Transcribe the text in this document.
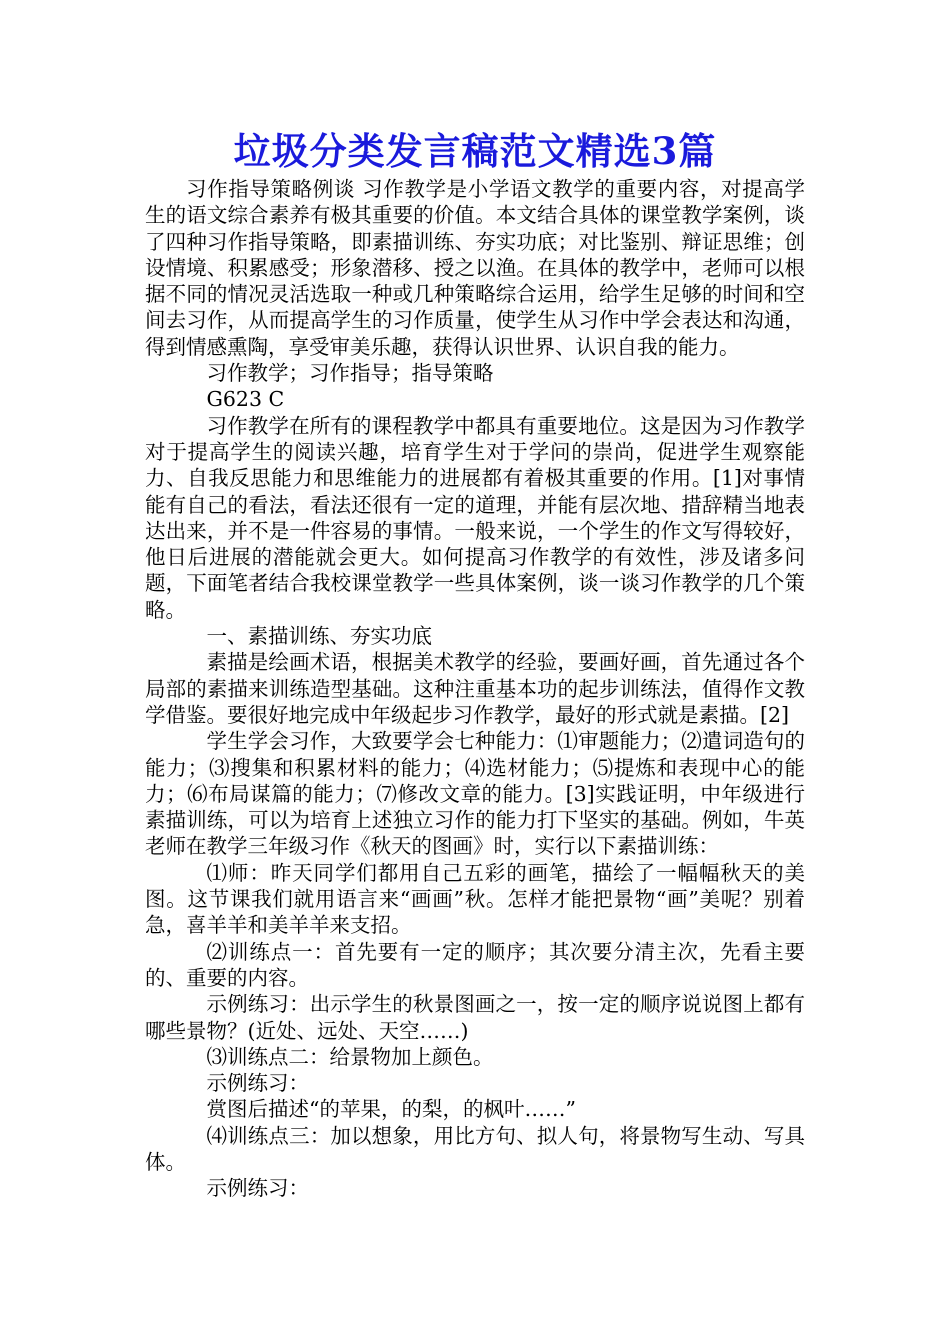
垃圾分类发言稿范文精选3篇

习作指导策略例谈 习作教学是小学语文教学的重要内容，对提高学生的语文综合素养有极其重要的价值。本文结合具体的课堂教学案例，谈了四种习作指导策略，即素描训练、夯实功底；对比鉴别、辩证思维；创设情境、积累感受；形象潜移、授之以渔。在具体的教学中，老师可以根据不同的情况灵活选取一种或几种策略综合运用，给学生足够的时间和空间去习作，从而提高学生的习作质量，使学生从习作中学会表达和沟通，得到情感熏陶，享受审美乐趣，获得认识世界、认识自我的能力。

习作教学；习作指导；指导策略

G623 C

习作教学在所有的课程教学中都具有重要地位。这是因为习作教学对于提高学生的阅读兴趣，培育学生对于学问的崇尚，促进学生观察能力、自我反思能力和思维能力的进展都有着极其重要的作用。[1]对事情能有自己的看法，看法还很有一定的道理，并能有层次地、措辞精当地表达出来，并不是一件容易的事情。一般来说，一个学生的作文写得较好，他日后进展的潜能就会更大。如何提高习作教学的有效性，涉及诸多问题，下面笔者结合我校课堂教学一些具体案例，谈一谈习作教学的几个策略。

一、素描训练、夯实功底

素描是绘画术语，根据美术教学的经验，要画好画，首先通过各个局部的素描来训练造型基础。这种注重基本功的起步训练法，值得作文教学借鉴。要很好地完成中年级起步习作教学，最好的形式就是素描。[2]

学生学会习作，大致要学会七种能力：⑴审题能力；⑵遣词造句的能力；⑶搜集和积累材料的能力；⑷选材能力；⑸提炼和表现中心的能力；⑹布局谋篇的能力；⑺修改文章的能力。[3]实践证明，中年级进行素描训练，可以为培育上述独立习作的能力打下坚实的基础。例如，牛英老师在教学三年级习作《秋天的图画》时，实行以下素描训练：

⑴师：昨天同学们都用自己五彩的画笔，描绘了一幅幅秋天的美图。这节课我们就用语言来“画画”秋。怎样才能把景物“画”美呢？别着急，喜羊羊和美羊羊来支招。

⑵训练点一：首先要有一定的顺序；其次要分清主次，先看主要的、重要的内容。

示例练习：出示学生的秋景图画之一，按一定的顺序说说图上都有哪些景物？(近处、远处、天空……)

⑶训练点二：给景物加上颜色。

示例练习：

赏图后描述“的苹果，的梨，的枫叶……”

⑷训练点三：加以想象，用比方句、拟人句，将景物写生动、写具体。

示例练习：
